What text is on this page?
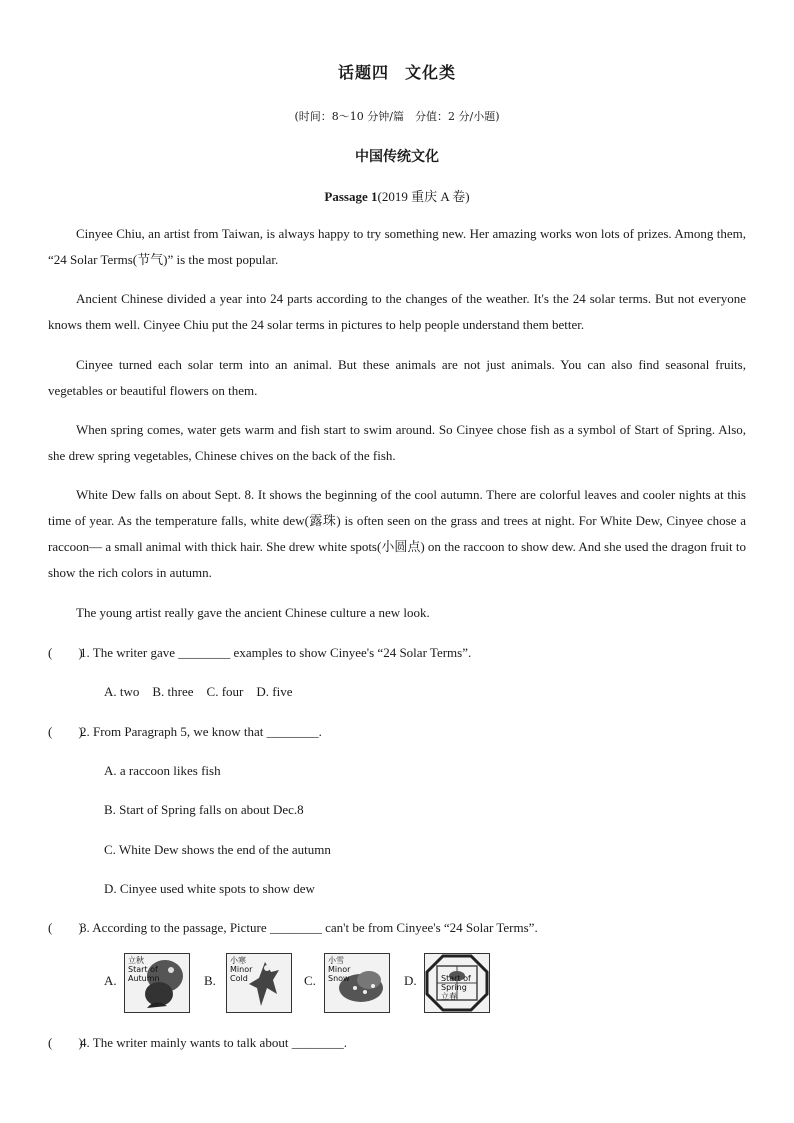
话题四 文化类
(时间：8～10 分钟/篇　分值：2 分/小题)
中国传统文化
Passage 1(2019 重庆 A 卷)
Cinyee Chiu, an artist from Taiwan, is always happy to try something new. Her amazing works won lots of prizes. Among them, “24 Solar Terms(节气)” is the most popular.
Ancient Chinese divided a year into 24 parts according to the changes of the weather. It's the 24 solar terms. But not everyone knows them well. Cinyee Chiu put the 24 solar terms in pictures to help people understand them better.
Cinyee turned each solar term into an animal. But these animals are not just animals. You can also find seasonal fruits, vegetables or beautiful flowers on them.
When spring comes, water gets warm and fish start to swim around. So Cinyee chose fish as a symbol of Start of Spring. Also, she drew spring vegetables, Chinese chives on the back of the fish.
White Dew falls on about Sept. 8. It shows the beginning of the cool autumn. There are colorful leaves and cooler nights at this time of year. As the temperature falls, white dew(露珠) is often seen on the grass and trees at night. For White Dew, Cinyee chose a raccoon— a small animal with thick hair. She drew white spots(小圆点) on the raccoon to show dew. And she used the dragon fruit to show the rich colors in autumn.
The young artist really gave the ancient Chinese culture a new look.
(　　)1. The writer gave ________ examples to show Cinyee's “24 Solar Terms”.
A. two　B. three　C. four　D. five
(　　)2. From Paragraph 5, we know that ________.
A. a raccoon likes fish
B. Start of Spring falls on about Dec.8
C. White Dew shows the end of the autumn
D. Cinyee used white spots to show dew
(　　)3. According to the passage, Picture ________ can't be from Cinyee's “24 Solar Terms”.
A.
立秋
Start of
Autumn	B.
小寒
Minor
Cold	C.
小雪
Minor
Snow	D.	Start of
Spring
立春
(　　)4. The writer mainly wants to talk about ________.
